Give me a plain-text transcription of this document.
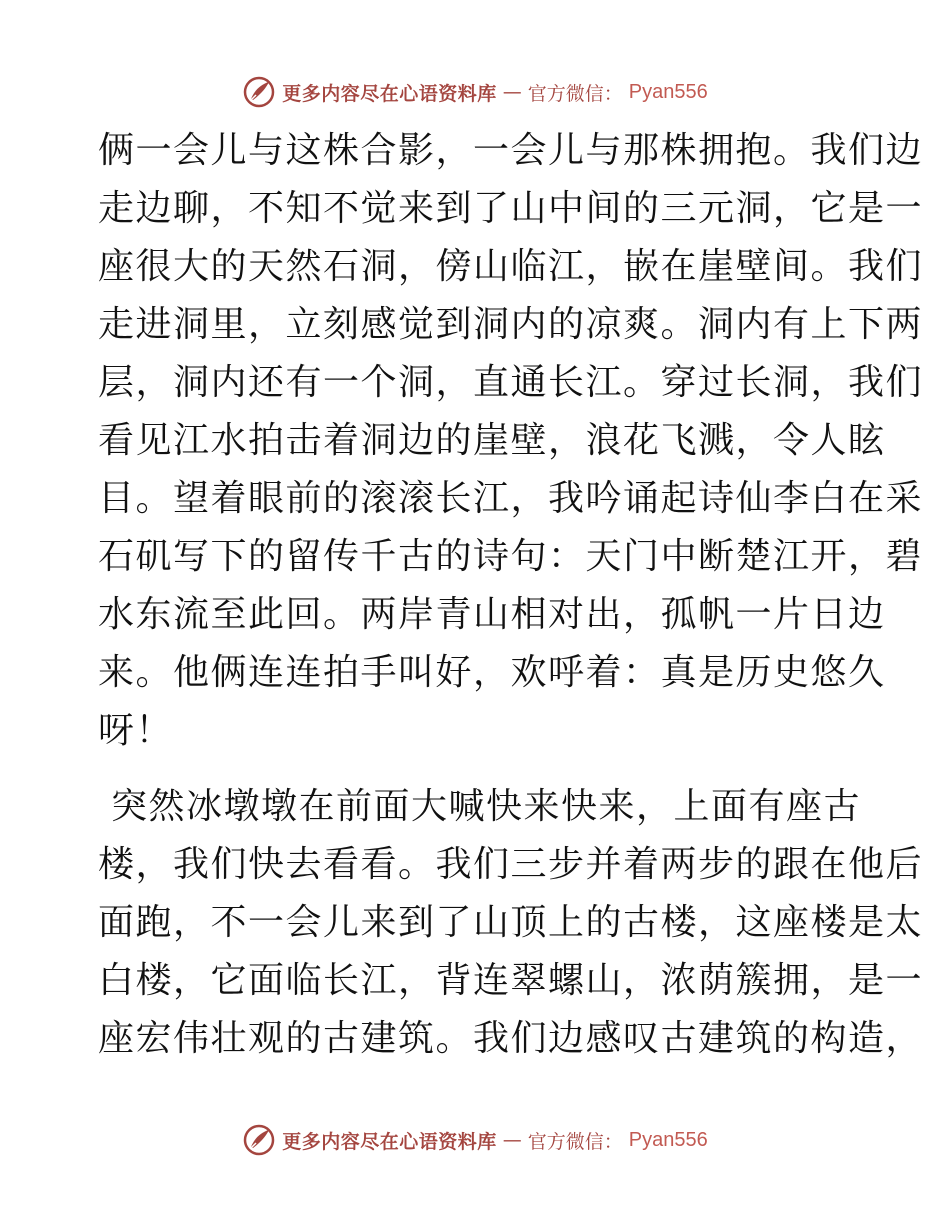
更多内容尽在心语资料库 — 官方微信： Pyan556
俩一会儿与这株合影，一会儿与那株拥抱。我们边
走边聊，不知不觉来到了山中间的三元洞，它是一
座很大的天然石洞，傍山临江，嵌在崖壁间。我们
走进洞里，立刻感觉到洞内的凉爽。洞内有上下两
层，洞内还有一个洞，直通长江。穿过长洞，我们
看见江水拍击着洞边的崖壁，浪花飞溅，令人眩
目。望着眼前的滚滚长江，我吟诵起诗仙李白在采
石矶写下的留传千古的诗句：天门中断楚江开，碧
水东流至此回。两岸青山相对出，孤帆一片日边
来。他俩连连拍手叫好，欢呼着：真是历史悠久
呀！
突然冰墩墩在前面大喊快来快来，上面有座古
楼，我们快去看看。我们三步并着两步的跟在他后
面跑，不一会儿来到了山顶上的古楼，这座楼是太
白楼，它面临长江，背连翠螺山，浓荫簇拥，是一
座宏伟壮观的古建筑。我们边感叹古建筑的构造，
更多内容尽在心语资料库 — 官方微信： Pyan556
